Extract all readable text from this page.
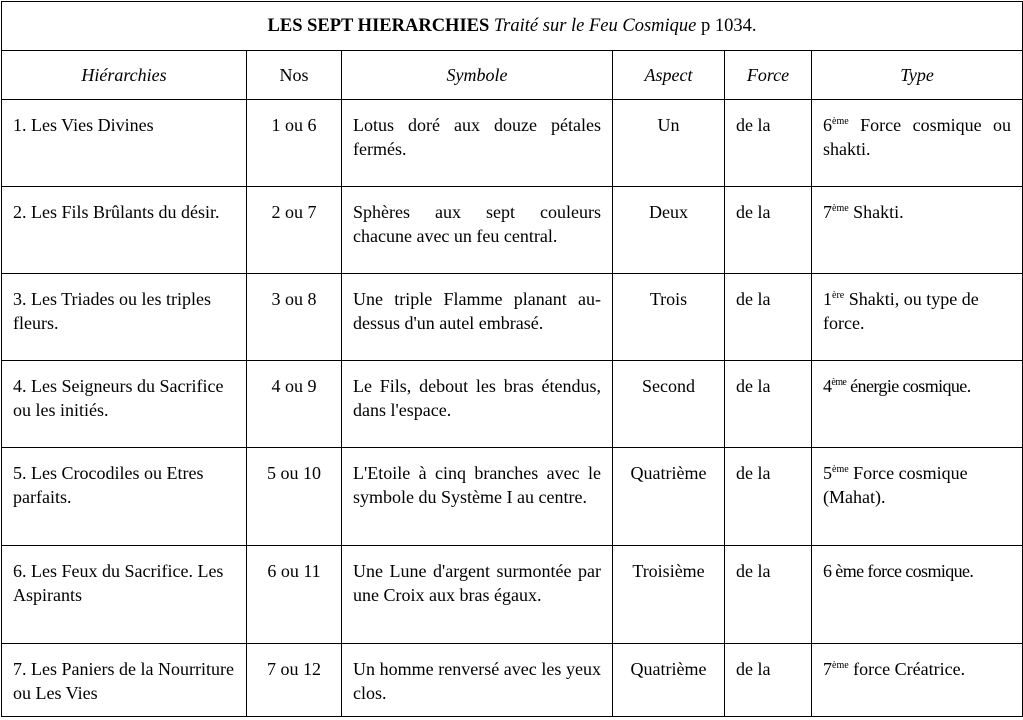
LES SEPT HIERARCHIES Traité sur le Feu Cosmique p 1034.					
Hiérarchies	Nos	Symbole	Aspect	Force	Type
1. Les Vies Divines	1 ou 6	Lotus doré aux douze pétales fermés.	Un	de la	6ème Force cosmique ou shakti.
2. Les Fils Brûlants du désir.	2 ou 7	Sphères aux sept couleurs chacune avec un feu central.	Deux	de la	7ème Shakti.
3. Les Triades ou les triples fleurs.	3 ou 8	Une triple Flamme planant au-dessus d'un autel embrasé.	Trois	de la	1ère Shakti, ou type de force.
4. Les Seigneurs du Sacrifice ou les initiés.	4 ou 9	Le Fils, debout les bras étendus, dans l'espace.	Second	de la	4ème énergie cosmique.
5. Les Crocodiles ou Etres parfaits.	5 ou 10	L'Etoile à cinq branches avec le symbole du Système I au centre.	Quatrième	de la	5ème Force cosmique (Mahat).
6. Les Feux du Sacrifice. Les Aspirants	6 ou 11	Une Lune d'argent surmontée par une Croix aux bras égaux.	Troisième	de la	6 ème force cosmique.
7. Les Paniers de la Nourriture ou Les Vies	7 ou 12	Un homme renversé avec les yeux clos.	Quatrième	de la	7ème force Créatrice.
